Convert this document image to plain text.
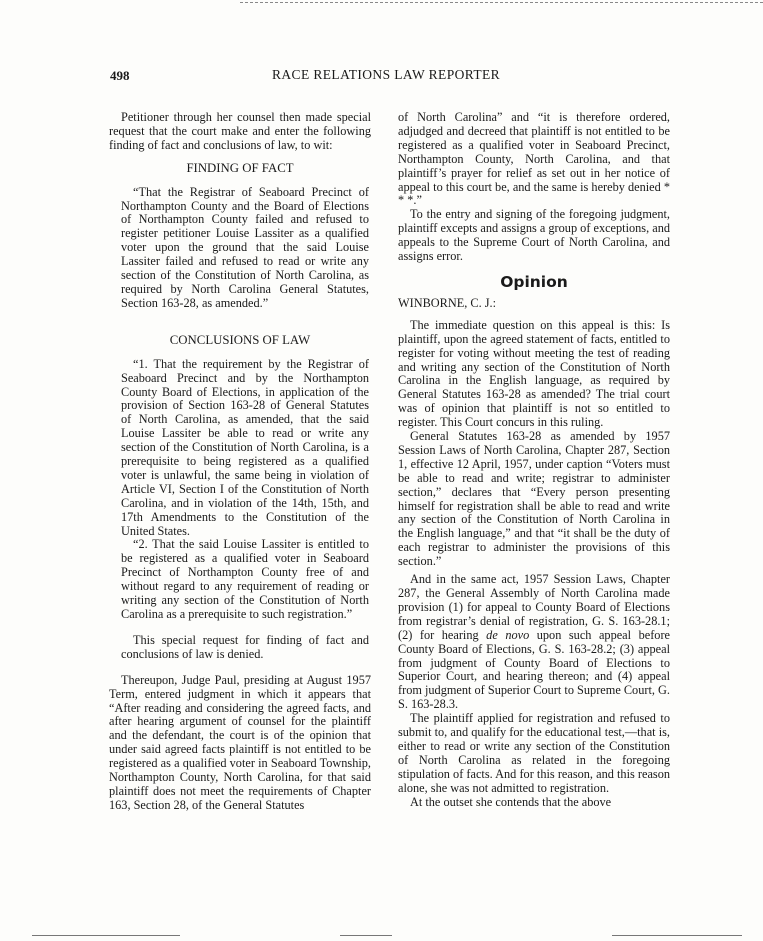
498	RACE RELATIONS LAW REPORTER

Petitioner through her counsel then made special request that the court make and enter the following finding of fact and conclusions of law, to wit:

FINDING OF FACT

“That the Registrar of Seaboard Precinct of Northampton County and the Board of Elections of Northampton County failed and refused to register petitioner Louise Lassiter as a qualified voter upon the ground that the said Louise Lassiter failed and refused to read or write any section of the Constitution of North Carolina, as required by North Carolina General Statutes, Section 163-28, as amended.”

CONCLUSIONS OF LAW

“1. That the requirement by the Registrar of Seaboard Precinct and by the Northampton County Board of Elections, in application of the provision of Section 163-28 of General Statutes of North Carolina, as amended, that the said Louise Lassiter be able to read or write any section of the Constitution of North Carolina, is a prerequisite to being registered as a qualified voter is unlawful, the same being in violation of Article VI, Section I of the Constitution of North Carolina, and in violation of the 14th, 15th, and 17th Amendments to the Constitution of the United States.

“2. That the said Louise Lassiter is entitled to be registered as a qualified voter in Seaboard Precinct of Northampton County free of and without regard to any requirement of reading or writing any section of the Constitution of North Carolina as a prerequisite to such registration.”

This special request for finding of fact and conclusions of law is denied.

Thereupon, Judge Paul, presiding at August 1957 Term, entered judgment in which it appears that “After reading and considering the agreed facts, and after hearing argument of counsel for the plaintiff and the defendant, the court is of the opinion that under said agreed facts plaintiff is not entitled to be registered as a qualified voter in Seaboard Township, Northampton County, North Carolina, for that said plaintiff does not meet the requirements of Chapter 163, Section 28, of the General Statutes

of North Carolina” and “it is therefore ordered, adjudged and decreed that plaintiff is not entitled to be registered as a qualified voter in Seaboard Precinct, Northampton County, North Carolina, and that plaintiff’s prayer for relief as set out in her notice of appeal to this court be, and the same is hereby denied * * *.”

To the entry and signing of the foregoing judgment, plaintiff excepts and assigns a group of exceptions, and appeals to the Supreme Court of North Carolina, and assigns error.

Opinion

WINBORNE, C. J.:

The immediate question on this appeal is this: Is plaintiff, upon the agreed statement of facts, entitled to register for voting without meeting the test of reading and writing any section of the Constitution of North Carolina in the English language, as required by General Statutes 163-28 as amended? The trial court was of opinion that plaintiff is not so entitled to register. This Court concurs in this ruling.

General Statutes 163-28 as amended by 1957 Session Laws of North Carolina, Chapter 287, Section 1, effective 12 April, 1957, under caption “Voters must be able to read and write; registrar to administer section,” declares that “Every person presenting himself for registration shall be able to read and write any section of the Constitution of North Carolina in the English language,” and that “it shall be the duty of each registrar to administer the provisions of this section.”

And in the same act, 1957 Session Laws, Chapter 287, the General Assembly of North Carolina made provision (1) for appeal to County Board of Elections from registrar’s denial of registration, G. S. 163-28.1; (2) for hearing de novo upon such appeal before County Board of Elections, G. S. 163-28.2; (3) appeal from judgment of County Board of Elections to Superior Court, and hearing thereon; and (4) appeal from judgment of Superior Court to Supreme Court, G. S. 163-28.3.

The plaintiff applied for registration and refused to submit to, and qualify for the educational test,—that is, either to read or write any section of the Constitution of North Carolina as related in the foregoing stipulation of facts. And for this reason, and this reason alone, she was not admitted to registration.

At the outset she contends that the above
